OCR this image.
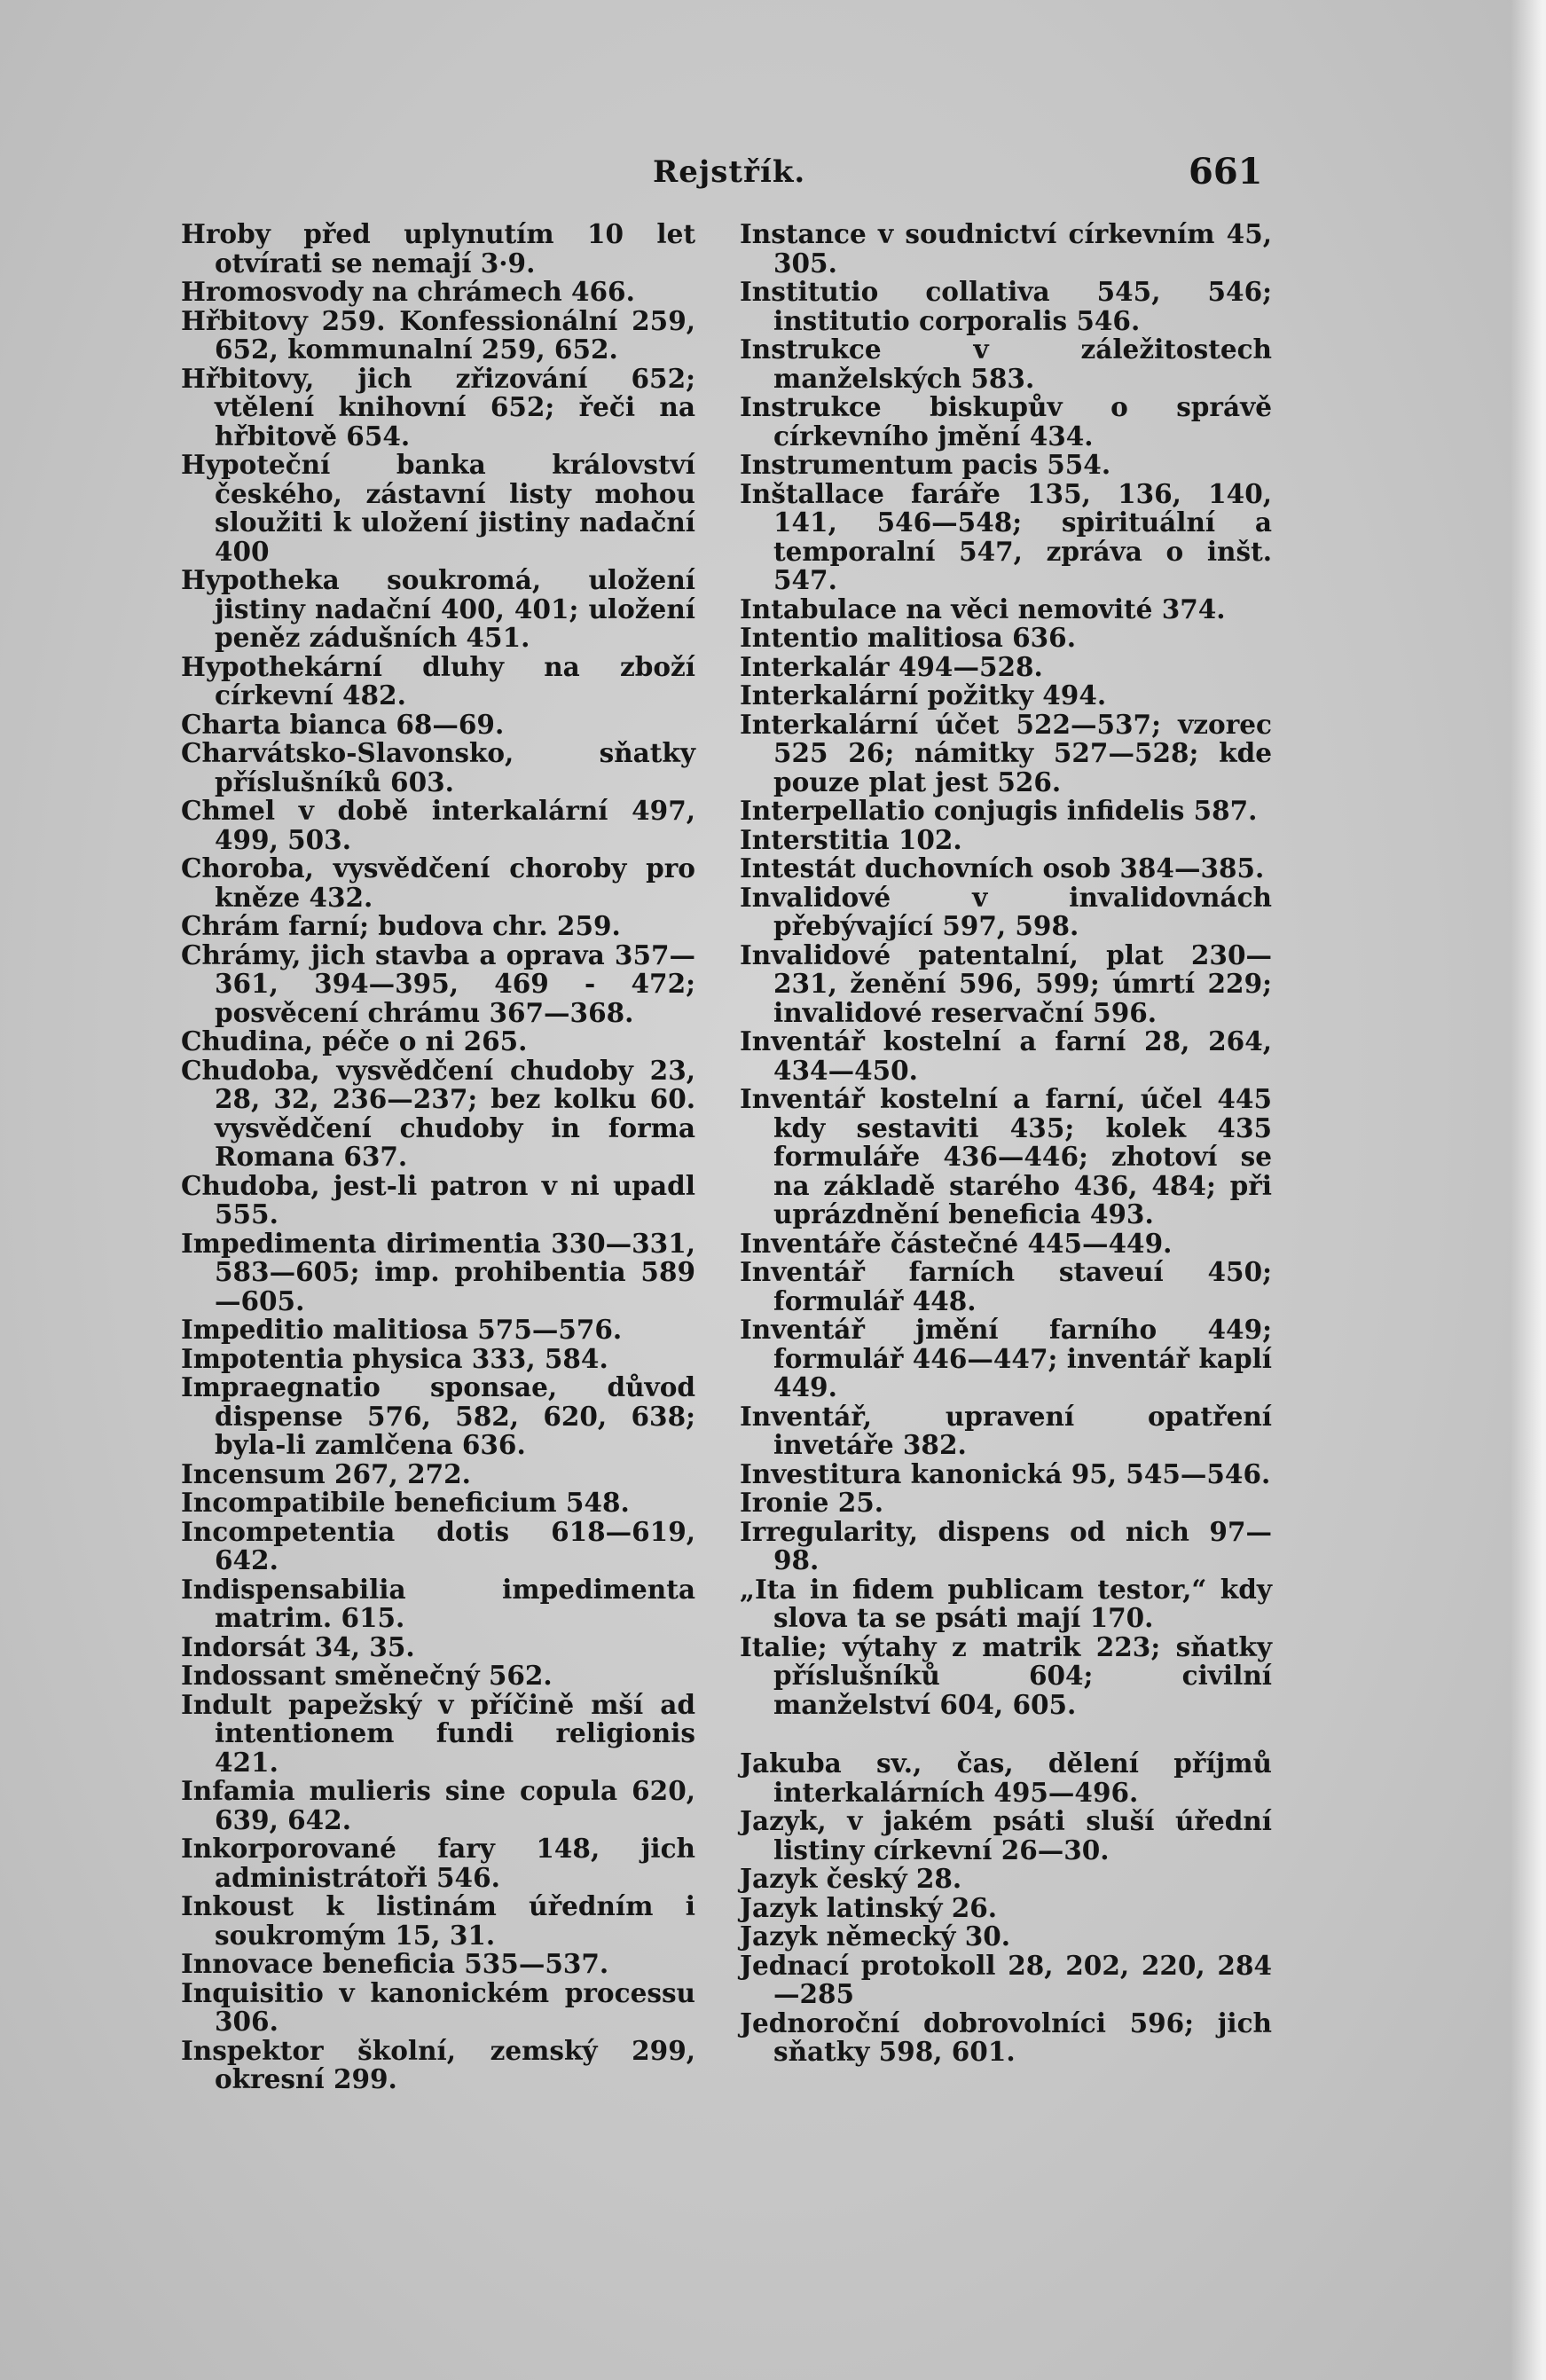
Rejstřík.	661

Hroby před uplynutím 10 let otvírati se nemají 3·9.

Hromosvody na chrámech 466.

Hřbitovy 259. Konfessionální 259, 652, kommunalní 259, 652.

Hřbitovy, jich zřizování 652; vtělení knihovní 652; řeči na hřbitově 654.

Hypoteční banka království českého, zástavní listy mohou sloužiti k uložení jistiny nadační 400

Hypotheka soukromá, uložení jistiny nadační 400, 401; uložení peněz zádušních 451.

Hypothekární dluhy na zboží církevní 482.

Charta bianca 68—69.

Charvátsko-Slavonsko, sňatky příslušníků 603.

Chmel v době interkalární 497, 499, 503.

Choroba, vysvědčení choroby pro kněze 432.

Chrám farní; budova chr. 259.

Chrámy, jich stavba a oprava 357—361, 394—395, 469 - 472; posvěcení chrámu 367—368.

Chudina, péče o ni 265.

Chudoba, vysvědčení chudoby 23, 28, 32, 236—237; bez kolku 60. vysvědčení chudoby in forma Romana 637.

Chudoba, jest-li patron v ni upadl 555.

Impedimenta dirimentia 330—331, 583—605; imp. prohibentia 589—605.

Impeditio malitiosa 575—576.

Impotentia physica 333, 584.

Impraegnatio sponsae, důvod dispense 576, 582, 620, 638; byla-li zamlčena 636.

Incensum 267, 272.

Incompatibile beneficium 548.

Incompetentia dotis 618—619, 642.

Indispensabilia impedimenta matrim. 615.

Indorsát 34, 35.

Indossant směnečný 562.

Indult papežský v příčině mší ad intentionem fundi religionis 421.

Infamia mulieris sine copula 620, 639, 642.

Inkorporované fary 148, jich administrátoři 546.

Inkoust k listinám úředním i soukromým 15, 31.

Innovace beneficia 535—537.

Inquisitio v kanonickém processu 306.

Inspektor školní, zemský 299, okresní 299.

Instance v soudnictví církevním 45, 305.

Institutio collativa 545, 546; institutio corporalis 546.

Instrukce v záležitostech manželských 583.

Instrukce biskupův o správě církevního jmění 434.

Instrumentum pacis 554.

Inštallace faráře 135, 136, 140, 141, 546—548; spirituální a temporalní 547, zpráva o inšt. 547.

Intabulace na věci nemovité 374.

Intentio malitiosa 636.

Interkalár 494—528.

Interkalární požitky 494.

Interkalární účet 522—537; vzorec 525 26; námitky 527—528; kde pouze plat jest 526.

Interpellatio conjugis infidelis 587.

Interstitia 102.

Intestát duchovních osob 384—385.

Invalidové v invalidovnách přebývající 597, 598.

Invalidové patentalní, plat 230—231, ženění 596, 599; úmrtí 229; invalidové reservační 596.

Inventář kostelní a farní 28, 264, 434—450.

Inventář kostelní a farní, účel 445 kdy sestaviti 435; kolek 435 formuláře 436—446; zhotoví se na základě starého 436, 484; při uprázdnění beneficia 493.

Inventáře částečné 445—449.

Inventář farních staveuí 450; formulář 448.

Inventář jmění farního 449; formulář 446—447; inventář kaplí 449.

Inventář, upravení opatření invetáře 382.

Investitura kanonická 95, 545—546.

Ironie 25.

Irregularity, dispens od nich 97—98.

„Ita in fidem publicam testor,“ kdy slova ta se psáti mají 170.

Italie; výtahy z matrik 223; sňatky příslušníků 604; civilní manželství 604, 605.

Jakuba sv., čas, dělení příjmů interkalárních 495—496.

Jazyk, v jakém psáti sluší úřední listiny církevní 26—30.

Jazyk český 28.

Jazyk latinský 26.

Jazyk německý 30.

Jednací protokoll 28, 202, 220, 284—285

Jednoroční dobrovolníci 596; jich sňatky 598, 601.
